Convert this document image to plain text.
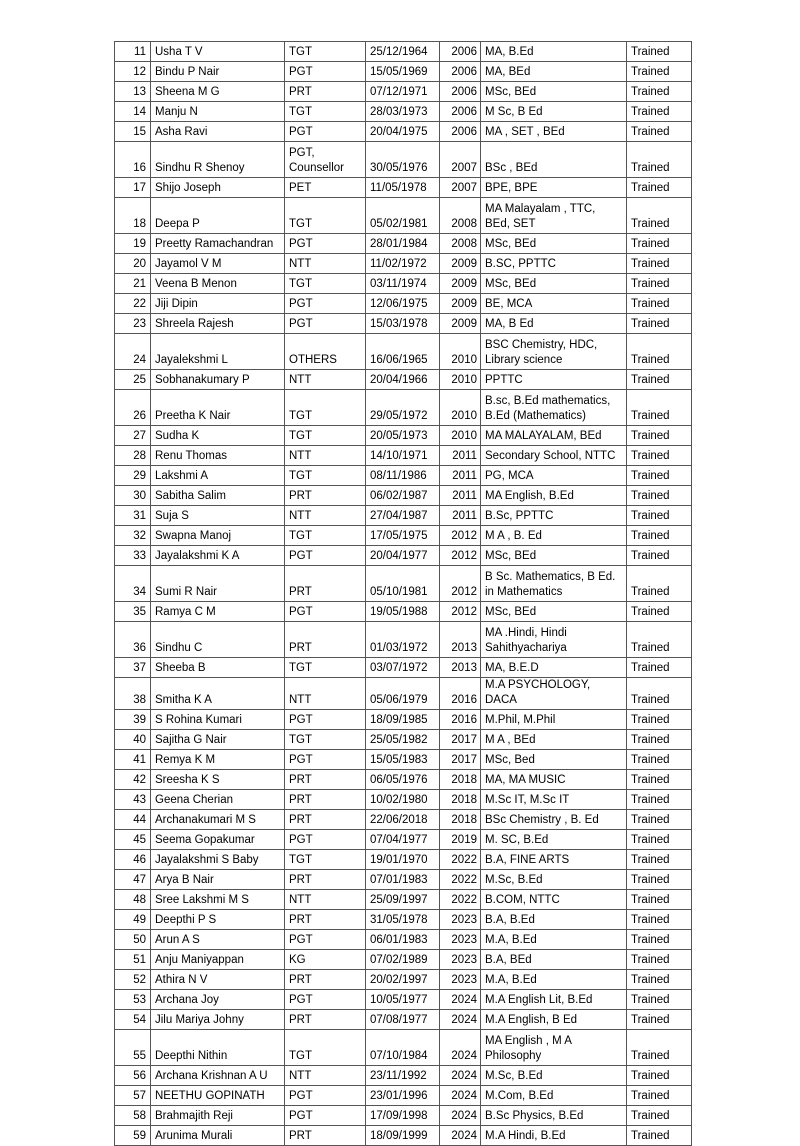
11	Usha T V	TGT	25/12/1964	2006	MA, B.Ed	Trained
12	Bindu P Nair	PGT	15/05/1969	2006	MA, BEd	Trained
13	Sheena M G	PRT	07/12/1971	2006	MSc, BEd	Trained
14	Manju N	TGT	28/03/1973	2006	M Sc, B Ed	Trained
15	Asha Ravi	PGT	20/04/1975	2006	MA , SET , BEd	Trained
16	Sindhu R Shenoy	PGT,
Counsellor	30/05/1976	2007	BSc , BEd	Trained
17	Shijo Joseph	PET	11/05/1978	2007	BPE, BPE	Trained
18	Deepa P	TGT	05/02/1981	2008	MA Malayalam , TTC,
BEd, SET	Trained
19	Preetty Ramachandran	PGT	28/01/1984	2008	MSc, BEd	Trained
20	Jayamol V M	NTT	11/02/1972	2009	B.SC, PPTTC	Trained
21	Veena B Menon	TGT	03/11/1974	2009	MSc, BEd	Trained
22	Jiji Dipin	PGT	12/06/1975	2009	BE, MCA	Trained
23	Shreela Rajesh	PGT	15/03/1978	2009	MA, B Ed	Trained
24	Jayalekshmi L	OTHERS	16/06/1965	2010	BSC Chemistry, HDC,
Library science	Trained
25	Sobhanakumary P	NTT	20/04/1966	2010	PPTTC	Trained
26	Preetha K Nair	TGT	29/05/1972	2010	B.sc, B.Ed mathematics,
B.Ed (Mathematics)	Trained
27	Sudha K	TGT	20/05/1973	2010	MA MALAYALAM, BEd	Trained
28	Renu Thomas	NTT	14/10/1971	2011	Secondary School, NTTC	Trained
29	Lakshmi A	TGT	08/11/1986	2011	PG, MCA	Trained
30	Sabitha Salim	PRT	06/02/1987	2011	MA English, B.Ed	Trained
31	Suja S	NTT	27/04/1987	2011	B.Sc, PPTTC	Trained
32	Swapna Manoj	TGT	17/05/1975	2012	M A , B. Ed	Trained
33	Jayalakshmi K A	PGT	20/04/1977	2012	MSc, BEd	Trained
34	Sumi R Nair	PRT	05/10/1981	2012	B Sc. Mathematics, B Ed.
in Mathematics	Trained
35	Ramya C M	PGT	19/05/1988	2012	MSc, BEd	Trained
36	Sindhu C	PRT	01/03/1972	2013	MA .Hindi, Hindi
Sahithyachariya	Trained
37	Sheeba B	TGT	03/07/1972	2013	MA, B.E.D	Trained
38	Smitha K A	NTT	05/06/1979	2016	M.A PSYCHOLOGY, DACA	Trained
39	S Rohina Kumari	PGT	18/09/1985	2016	M.Phil, M.Phil	Trained
40	Sajitha G Nair	TGT	25/05/1982	2017	M A , BEd	Trained
41	Remya K M	PGT	15/05/1983	2017	MSc, Bed	Trained
42	Sreesha K S	PRT	06/05/1976	2018	MA, MA MUSIC	Trained
43	Geena Cherian	PRT	10/02/1980	2018	M.Sc IT, M.Sc IT	Trained
44	Archanakumari M S	PRT	22/06/2018	2018	BSc Chemistry , B. Ed	Trained
45	Seema Gopakumar	PGT	07/04/1977	2019	M. SC, B.Ed	Trained
46	Jayalakshmi S Baby	TGT	19/01/1970	2022	B.A, FINE ARTS	Trained
47	Arya B Nair	PRT	07/01/1983	2022	M.Sc, B.Ed	Trained
48	Sree Lakshmi M S	NTT	25/09/1997	2022	B.COM, NTTC	Trained
49	Deepthi P S	PRT	31/05/1978	2023	B.A, B.Ed	Trained
50	Arun A S	PGT	06/01/1983	2023	M.A, B.Ed	Trained
51	Anju Maniyappan	KG	07/02/1989	2023	B.A, BEd	Trained
52	Athira N V	PRT	20/02/1997	2023	M.A, B.Ed	Trained
53	Archana Joy	PGT	10/05/1977	2024	M.A English Lit, B.Ed	Trained
54	Jilu Mariya Johny	PRT	07/08/1977	2024	M.A English, B Ed	Trained
55	Deepthi Nithin	TGT	07/10/1984	2024	MA English , M A
Philosophy	Trained
56	Archana Krishnan A U	NTT	23/11/1992	2024	M.Sc, B.Ed	Trained
57	NEETHU GOPINATH	PGT	23/01/1996	2024	M.Com, B.Ed	Trained
58	Brahmajith Reji	PGT	17/09/1998	2024	B.Sc Physics, B.Ed	Trained
59	Arunima Murali	PRT	18/09/1999	2024	M.A Hindi, B.Ed	Trained
